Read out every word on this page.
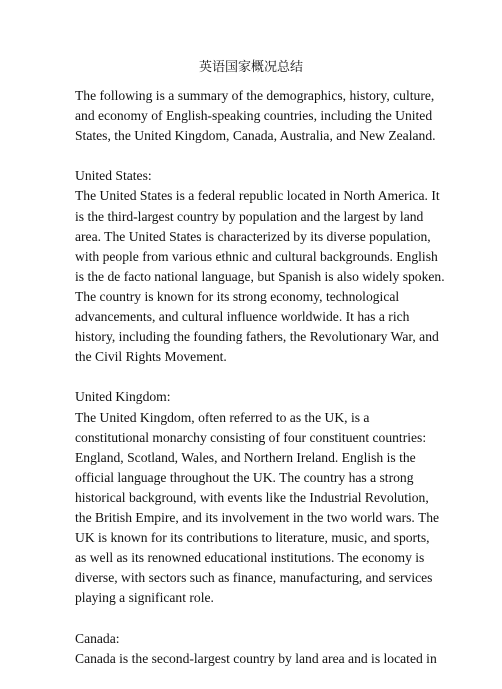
英语国家概况总结
The following is a summary of the demographics, history, culture,
and economy of English-speaking countries, including the United
States, the United Kingdom, Canada, Australia, and New Zealand.
United States:
The United States is a federal republic located in North America. It
is the third-largest country by population and the largest by land
area. The United States is characterized by its diverse population,
with people from various ethnic and cultural backgrounds. English
is the de facto national language, but Spanish is also widely spoken.
The country is known for its strong economy, technological
advancements, and cultural influence worldwide. It has a rich
history, including the founding fathers, the Revolutionary War, and
the Civil Rights Movement.
United Kingdom:
The United Kingdom, often referred to as the UK, is a
constitutional monarchy consisting of four constituent countries:
England, Scotland, Wales, and Northern Ireland. English is the
official language throughout the UK. The country has a strong
historical background, with events like the Industrial Revolution,
the British Empire, and its involvement in the two world wars. The
UK is known for its contributions to literature, music, and sports,
as well as its renowned educational institutions. The economy is
diverse, with sectors such as finance, manufacturing, and services
playing a significant role.
Canada:
Canada is the second-largest country by land area and is located in
